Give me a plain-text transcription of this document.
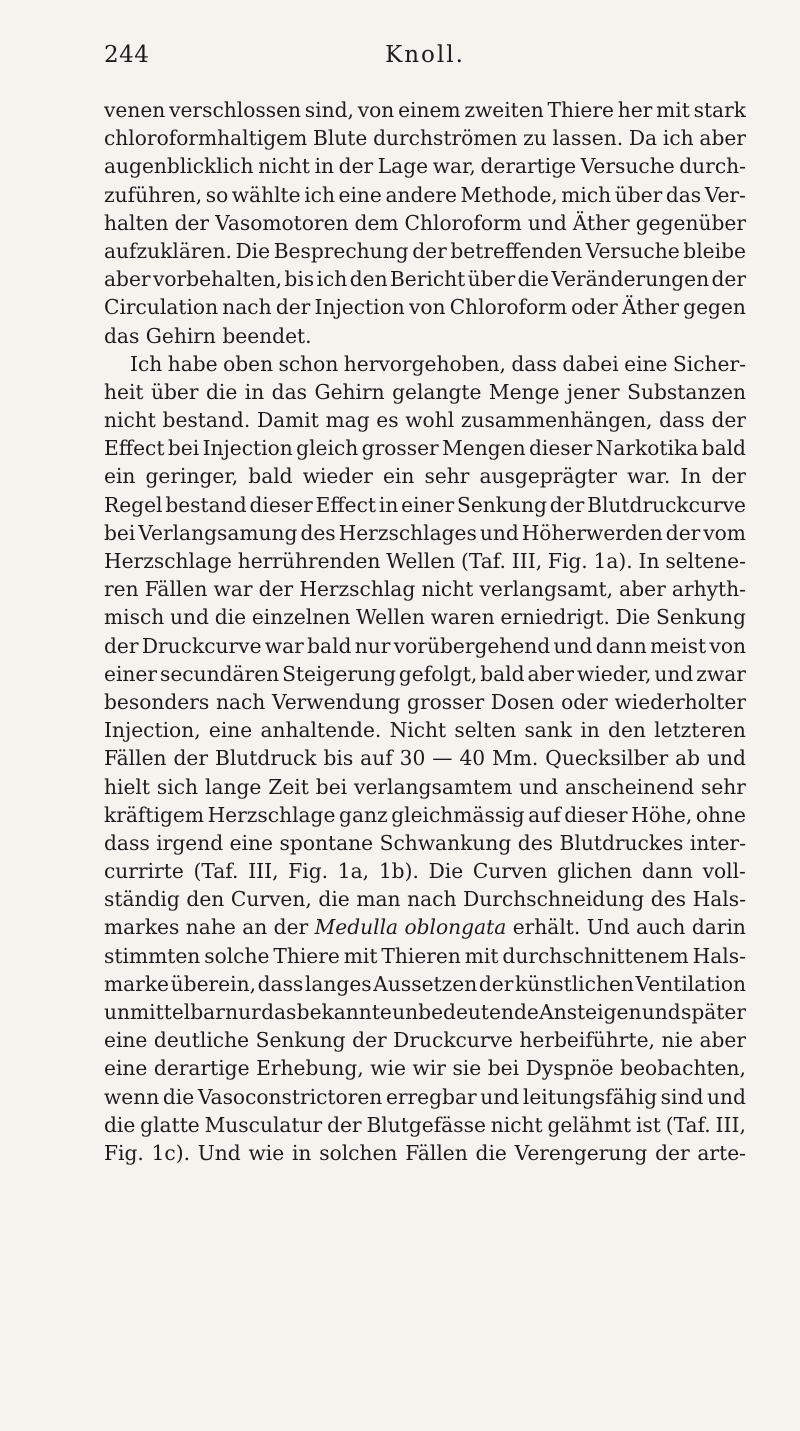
244	Knoll.
venen verschlossen sind, von einem zweiten Thiere her mit stark
chloroformhaltigem Blute durchströmen zu lassen. Da ich aber
augenblicklich nicht in der Lage war, derartige Versuche durch-
zuführen, so wählte ich eine andere Methode, mich über das Ver-
halten der Vasomotoren dem Chloroform und Äther gegenüber
aufzuklären. Die Besprechung der betreffenden Versuche bleibe
aber vorbehalten, bis ich den Bericht über die Veränderungen der
Circulation nach der Injection von Chloroform oder Äther gegen
das Gehirn beendet.
Ich habe oben schon hervorgehoben, dass dabei eine Sicher-
heit über die in das Gehirn gelangte Menge jener Substanzen
nicht bestand. Damit mag es wohl zusammenhängen, dass der
Effect bei Injection gleich grosser Mengen dieser Narkotika bald
ein geringer, bald wieder ein sehr ausgeprägter war. In der
Regel bestand dieser Effect in einer Senkung der Blutdruckcurve
bei Verlangsamung des Herzschlages und Höherwerden der vom
Herzschlage herrührenden Wellen (Taf. III, Fig. 1a). In seltene-
ren Fällen war der Herzschlag nicht verlangsamt, aber arhyth-
misch und die einzelnen Wellen waren erniedrigt. Die Senkung
der Druckcurve war bald nur vorübergehend und dann meist von
einer secundären Steigerung gefolgt, bald aber wieder, und zwar
besonders nach Verwendung grosser Dosen oder wiederholter
Injection, eine anhaltende. Nicht selten sank in den letzteren
Fällen der Blutdruck bis auf 30 — 40 Mm. Quecksilber ab und
hielt sich lange Zeit bei verlangsamtem und anscheinend sehr
kräftigem Herzschlage ganz gleichmässig auf dieser Höhe, ohne
dass irgend eine spontane Schwankung des Blutdruckes inter-
currirte (Taf. III, Fig. 1a, 1b). Die Curven glichen dann voll-
ständig den Curven, die man nach Durchschneidung des Hals-
markes nahe an der Medulla oblongata erhält. Und auch darin
stimmten solche Thiere mit Thieren mit durchschnittenem Hals-
marke überein, dass langes Aussetzen der künstlichen Ventilation
unmittelbar nur das bekannte unbedeutende Ansteigen und später
eine deutliche Senkung der Druckcurve herbeiführte, nie aber
eine derartige Erhebung, wie wir sie bei Dyspnöe beobachten,
wenn die Vasoconstrictoren erregbar und leitungsfähig sind und
die glatte Musculatur der Blutgefässe nicht gelähmt ist (Taf. III,
Fig. 1c). Und wie in solchen Fällen die Verengerung der arte-
